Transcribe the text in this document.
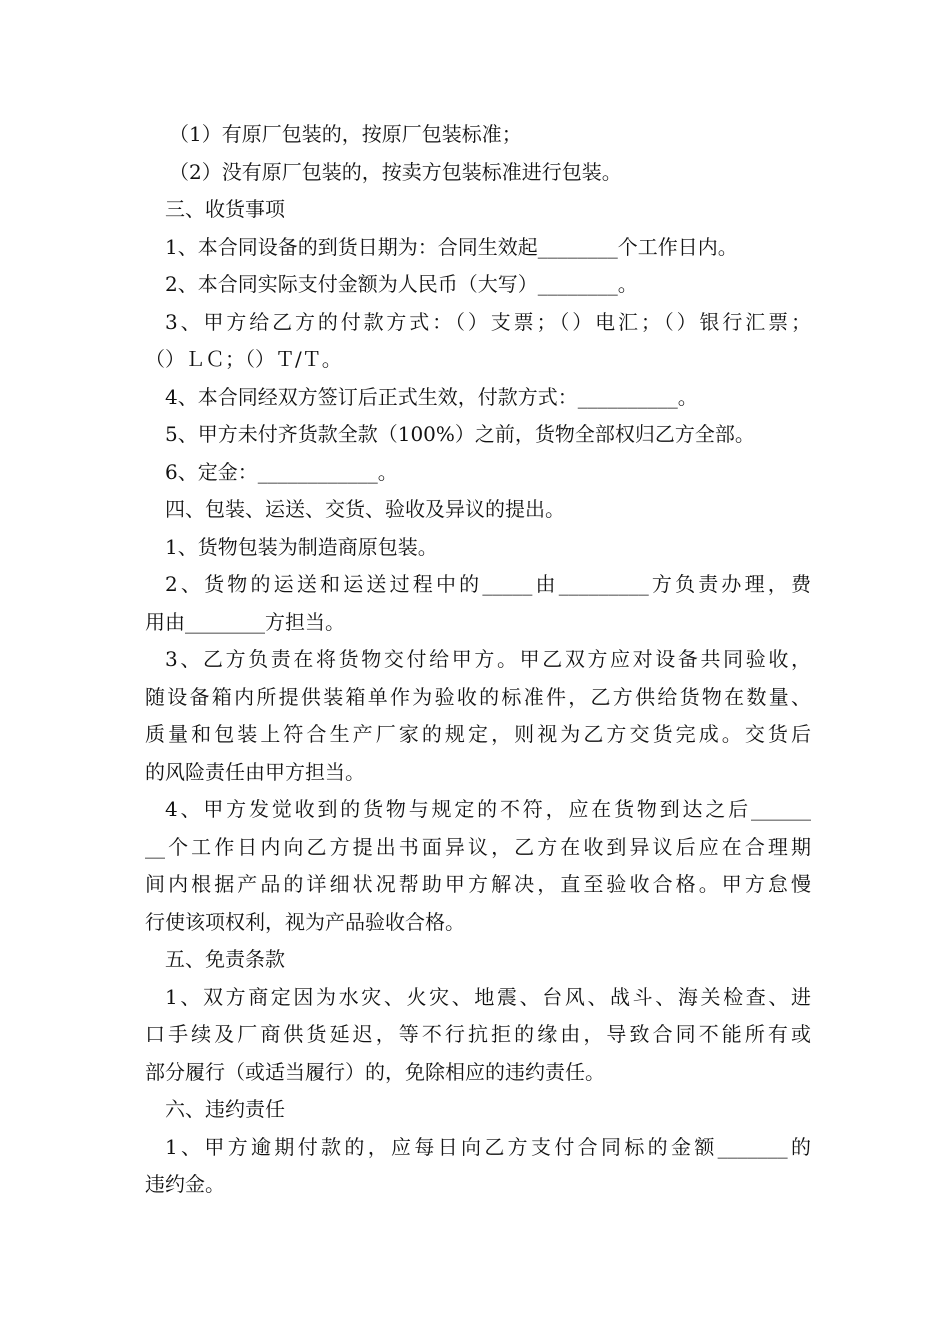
（1）有原厂包装的，按原厂包装标准；
（2）没有原厂包装的，按卖方包装标准进行包装。
三、收货事项
1、本合同设备的到货日期为：合同生效起________个工作日内。
2、本合同实际支付金额为人民币（大写）________。
3、甲方给乙方的付款方式：（）支票；（）电汇；（）银行汇票；
（）ＬＣ；（）Ｔ/Ｔ。
4、本合同经双方签订后正式生效，付款方式：__________。
5、甲方未付齐货款全款（100%）之前，货物全部权归乙方全部。
6、定金：____________。
四、包装、运送、交货、验收及异议的提出。
1、货物包装为制造商原包装。
2、货物的运送和运送过程中的_____由_________方负责办理，费
用由________方担当。
3、乙方负责在将货物交付给甲方。甲乙双方应对设备共同验收，
随设备箱内所提供装箱单作为验收的标准件，乙方供给货物在数量、
质量和包装上符合生产厂家的规定，则视为乙方交货完成。交货后
的风险责任由甲方担当。
4、甲方发觉收到的货物与规定的不符，应在货物到达之后______
__个工作日内向乙方提出书面异议，乙方在收到异议后应在合理期
间内根据产品的详细状况帮助甲方解决，直至验收合格。甲方怠慢
行使该项权利，视为产品验收合格。
五、免责条款
1、双方商定因为水灾、火灾、地震、台风、战斗、海关检查、进
口手续及厂商供货延迟，等不行抗拒的缘由，导致合同不能所有或
部分履行（或适当履行）的，免除相应的违约责任。
六、违约责任
1、甲方逾期付款的，应每日向乙方支付合同标的金额_______的
违约金。
